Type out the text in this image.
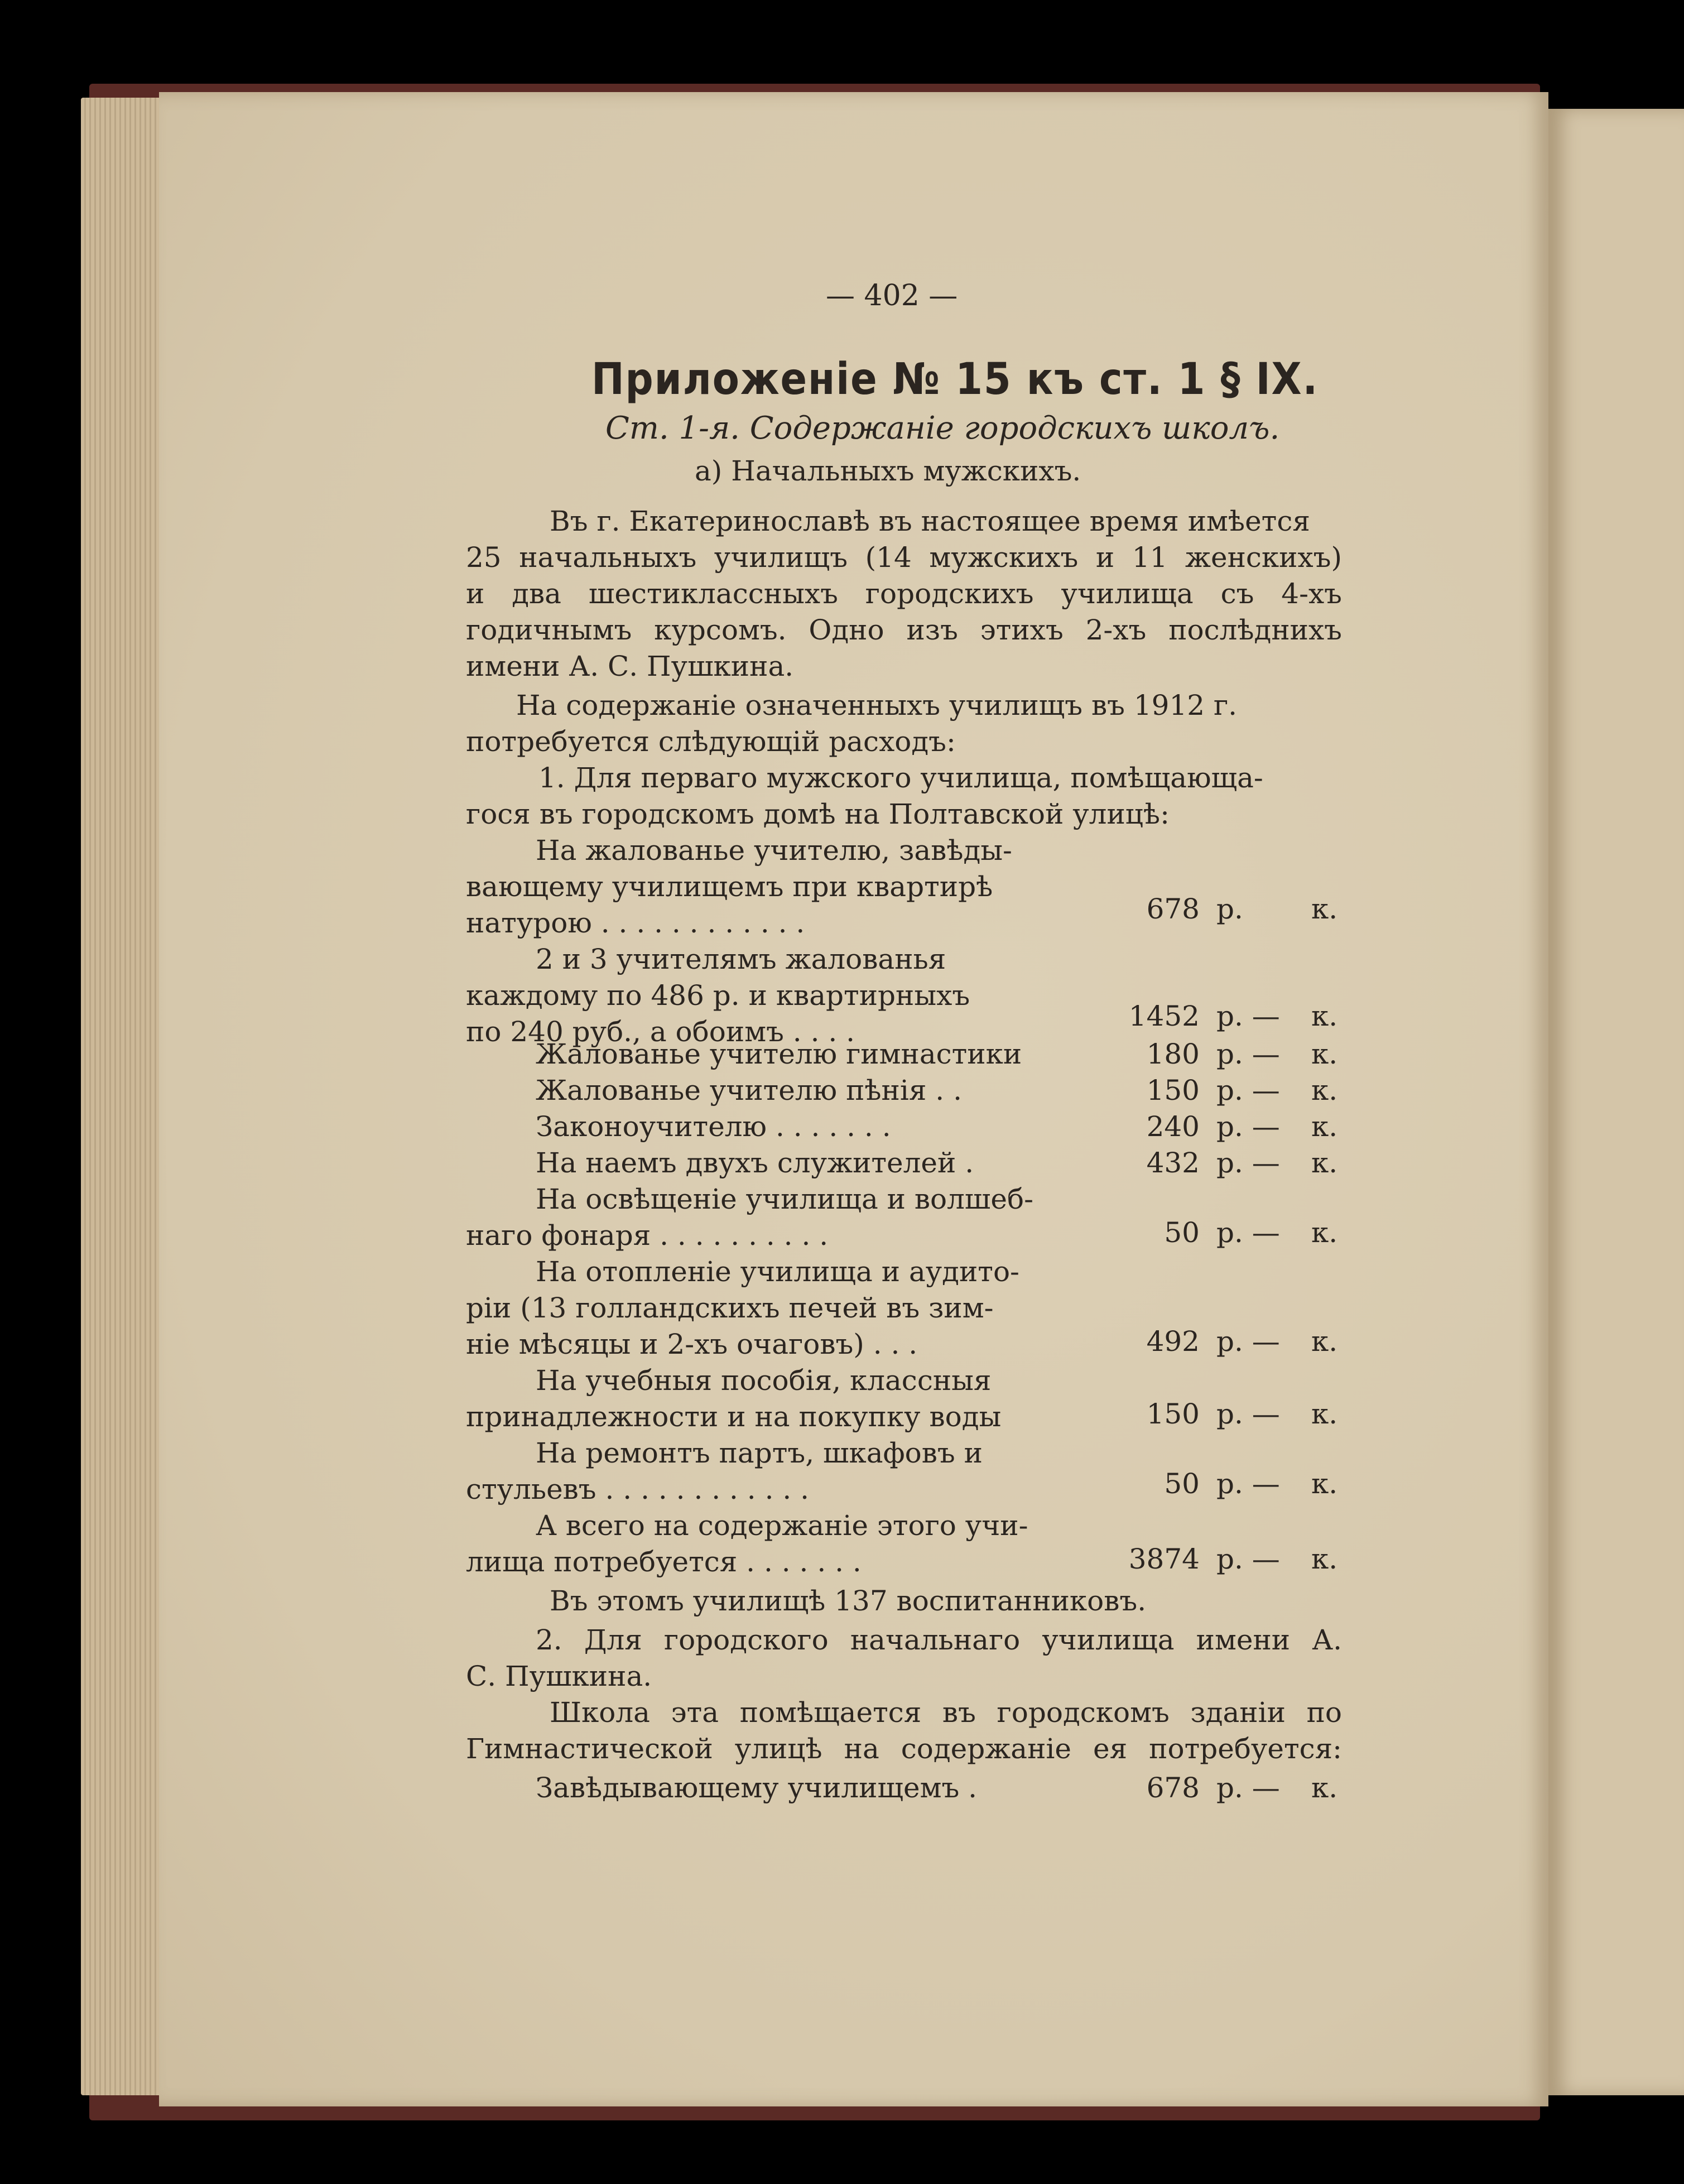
— 402 —
Приложеніе № 15 къ ст. 1 § IX.
Ст. 1-я. Содержаніе городскихъ школъ.
а) Начальныхъ мужскихъ.
Въ г. Екатеринославѣ въ настоящее время имѣется
25 начальныхъ училищъ (14 мужскихъ и 11 женскихъ)
и два шестиклассныхъ городскихъ училища съ 4-хъ
годичнымъ курсомъ. Одно изъ этихъ 2-хъ послѣднихъ
имени А. С. Пушкина.
На содержаніе означенныхъ училищъ въ 1912 г.
потребуется слѣдующій расходъ:
1. Для перваго мужского училища, помѣщающа-
гося въ городскомъ домѣ на Полтавской улицѣ:
На жалованье учителю, завѣды-
вающему училищемъ при квартирѣ
натурою . . . . . . . . . . . .	678 р. к.
2 и 3 учителямъ жалованья
каждому по 486 р. и квартирныхъ
по 240 руб., а обоимъ . . . .	1452 р. — к.
Жалованье учителю гимнастики	180 р. — к.
Жалованье учителю пѣнія . .	150 р. — к.
Законоучителю . . . . . . .	240 р. — к.
На наемъ двухъ служителей .	432 р. — к.
На освѣщеніе училища и волшеб-
наго фонаря . . . . . . . . . .	50 р. — к.
На отопленіе училища и аудито-
ріи (13 голландскихъ печей въ зим-
ніе мѣсяцы и 2-хъ очаговъ) . . .	492 р. — к.
На учебныя пособія, классныя
принадлежности и на покупку воды	150 р. — к.
На ремонтъ партъ, шкафовъ и
стульевъ . . . . . . . . . . . .	50 р. — к.
А всего на содержаніе этого учи-
лища потребуется . . . . . . .	3874 р. — к.
Въ этомъ училищѣ 137 воспитанниковъ.
2. Для городского начальнаго училища имени А.
С. Пушкина.
Школа эта помѣщается въ городскомъ зданіи по
Гимнастической улицѣ на содержаніе ея потребуется:
Завѣдывающему училищемъ .	678 р. — к.
